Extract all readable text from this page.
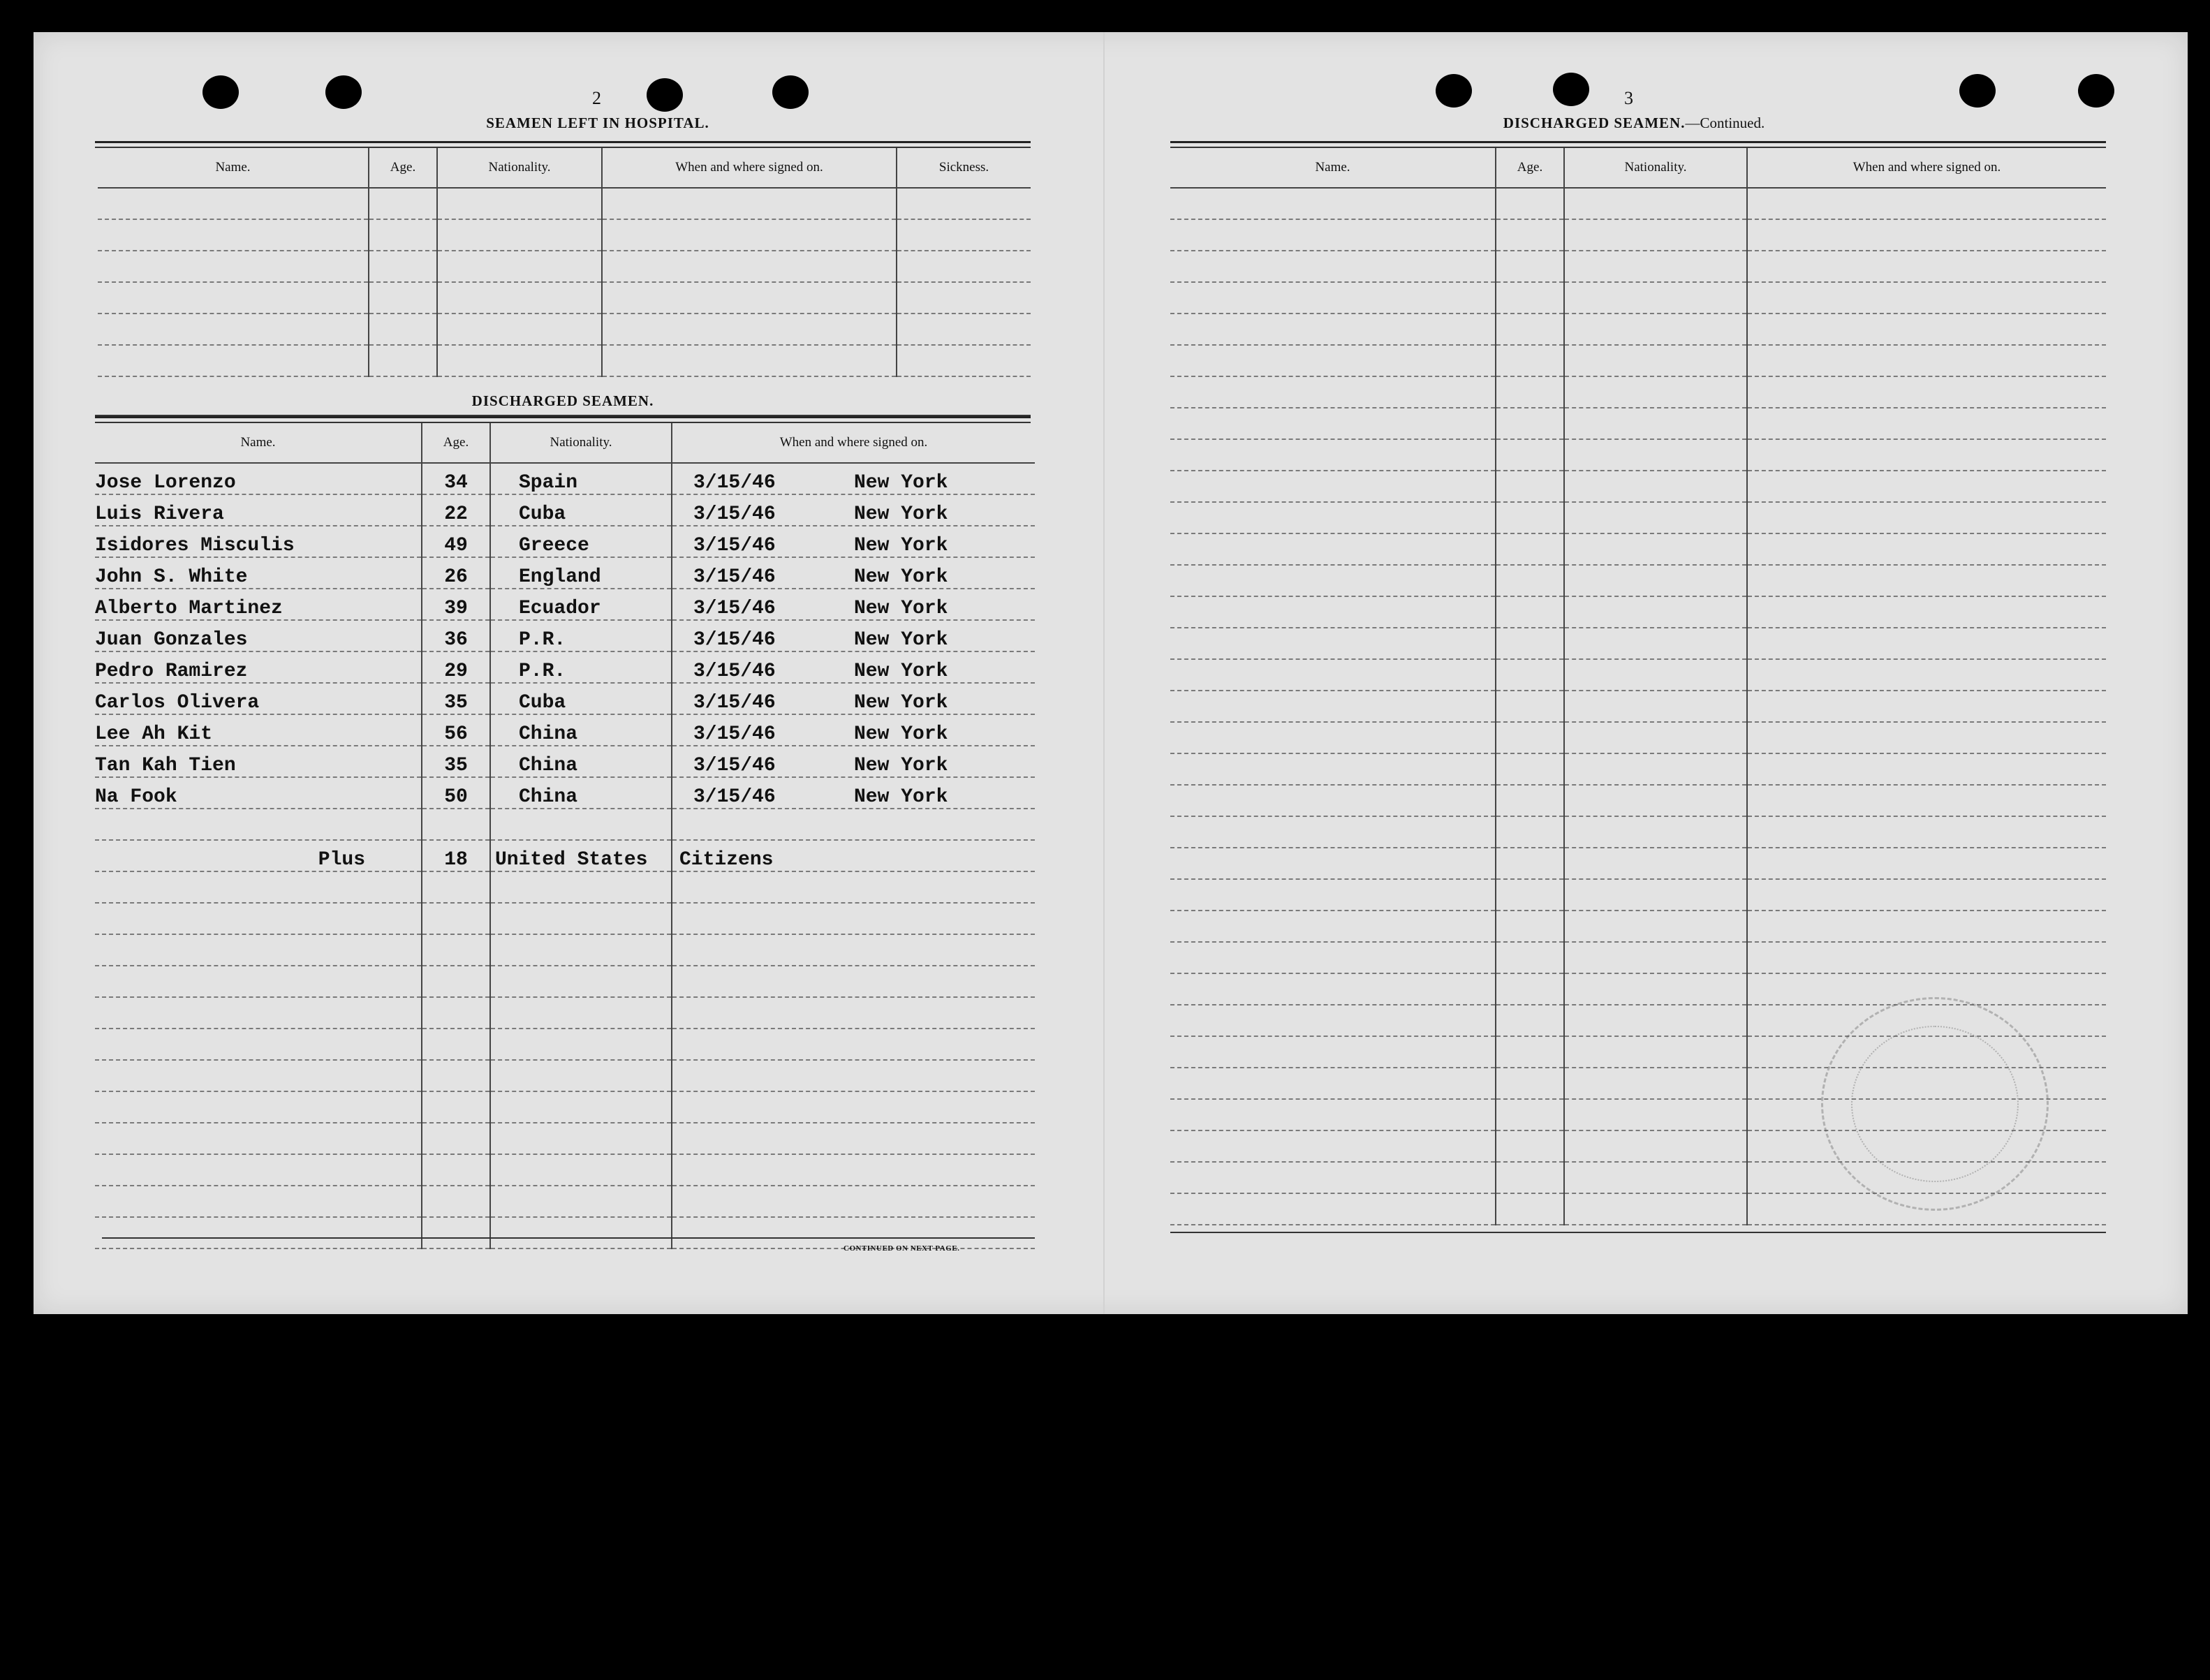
2
SEAMEN LEFT IN HOSPITAL.
Name.	Age.	Nationality.	When and where signed on.	Sickness.

DISCHARGED SEAMEN.
Name.	Age.	Nationality.	When and where signed on.
Jose Lorenzo	34	Spain	3/15/46 New York
Luis Rivera	22	Cuba	3/15/46 New York
Isidores Misculis	49	Greece	3/15/46 New York
John S. White	26	England	3/15/46 New York
Alberto Martinez	39	Ecuador	3/15/46 New York
Juan Gonzales	36	P.R.	3/15/46 New York
Pedro Ramirez	29	P.R.	3/15/46 New York
Carlos Olivera	35	Cuba	3/15/46 New York
Lee Ah Kit	56	China	3/15/46 New York
Tan Kah Tien	35	China	3/15/46 New York
Na Fook	50	China	3/15/46 New York

Plus	18	United States	Citizens

CONTINUED ON NEXT PAGE.
3
DISCHARGED SEAMEN.—Continued.
Name.	Age.	Nationality.	When and where signed on.
